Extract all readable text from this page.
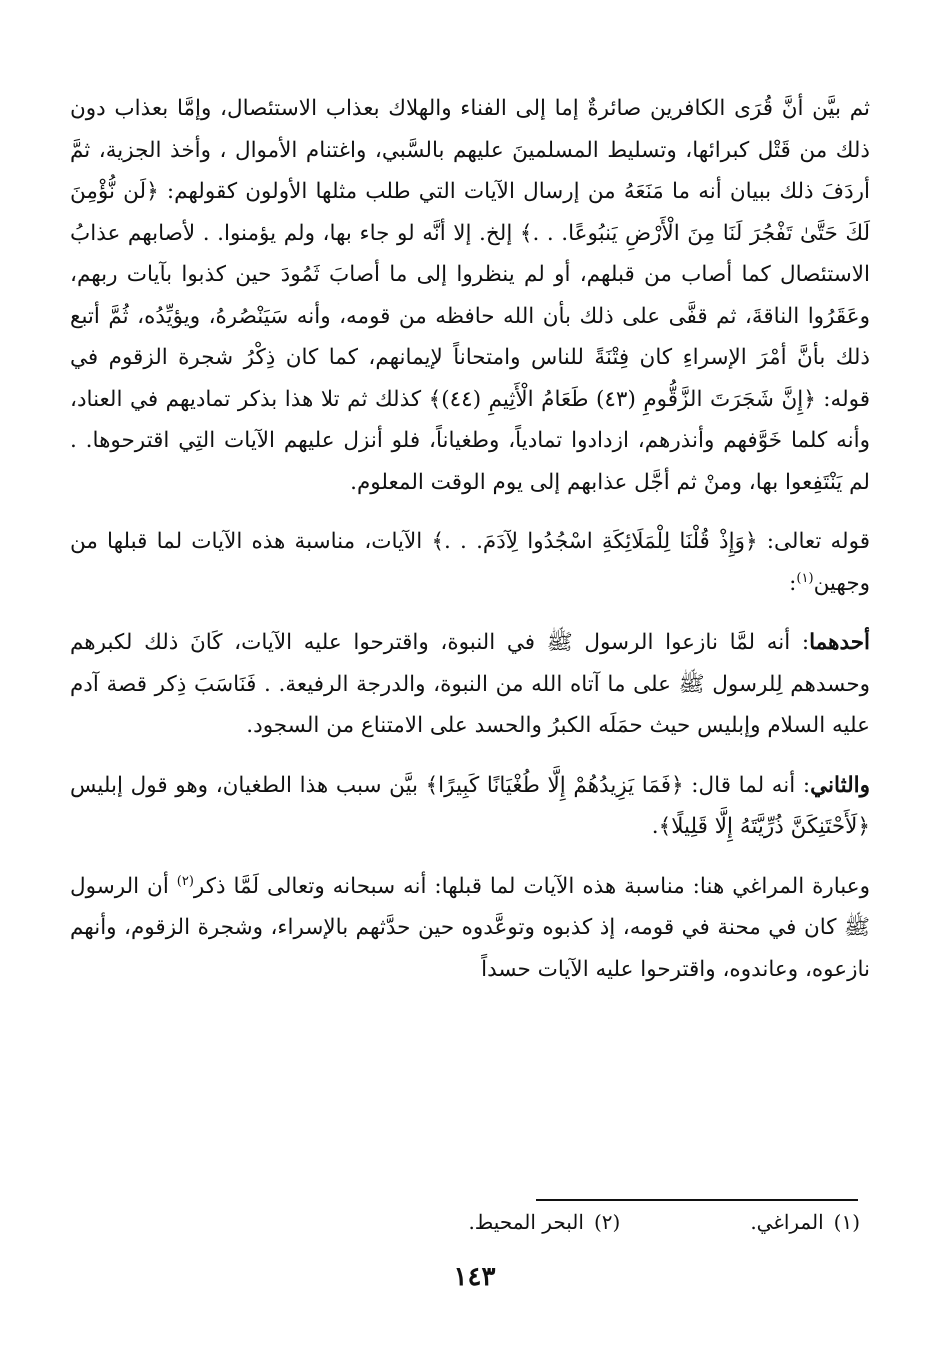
ثم بيَّن أنَّ قُرَى الكافرين صائرةٌ إما إلى الفناء والهلاك بعذاب الاستئصال، وإمَّا بعذاب دون ذلك من قَتْل كبرائها، وتسليط المسلمينَ عليهم بالسَّبي، واغتنام الأموال ، وأخذ الجزية، ثمَّ أردَفَ ذلك ببيان أنه ما مَنَعَهُ من إرسال الآيات التي طلب مثلها الأولون كقولهم: ﴿لَن نُّؤْمِنَ لَكَ حَتَّىٰ تَفْجُرَ لَنَا مِنَ الْأَرْضِ يَنبُوعًا. . .﴾ إلخ. إلا أنَّه لو جاء بها، ولم يؤمنوا. . لأصابهم عذابُ الاستئصال كما أصاب من قبلهم، أو لم ينظروا إلى ما أصابَ ثَمُودَ حين كذبوا بآيات ربهم، وعَقَرُوا الناقةَ، ثم قفَّى على ذلك بأن الله حافظه من قومه، وأنه سَيَنْصُرهُ، ويؤيِّدُه، ثُمَّ أتبع ذلك بأنَّ أمْرَ الإسراءِ كان فِتْنَةً للناس وامتحاناً لإيمانهم، كما كان ذِكْرُ شجرة الزقوم في قوله: ﴿إِنَّ شَجَرَتَ الزَّقُّومِ (٤٣) طَعَامُ الْأَثِيمِ (٤٤)﴾ كذلك ثم تلا هذا بذكر تماديهم في العناد، وأنه كلما خَوَّفهم وأنذرهم، ازدادوا تمادياً، وطغياناً، فلو أنزل عليهم الآيات التِي اقترحوها. . لم يَنْتَفِعوا بها، ومنْ ثم أجَّل عذابهم إلى يوم الوقت المعلوم.

قوله تعالى: ﴿وَإِذْ قُلْنَا لِلْمَلَائِكَةِ اسْجُدُوا لِآدَمَ. . .﴾ الآيات، مناسبة هذه الآيات لما قبلها من وجهين$^{(١)}$:

أحدهما: أنه لمَّا نازعوا الرسول ﷺ في النبوة، واقترحوا عليه الآيات، كَانَ ذلك لكبرهم وحسدهم لِلرسول ﷺ على ما آتاه الله من النبوة، والدرجة الرفيعة. . فَنَاسَبَ ذِكر قصة آدم عليه السلام وإبليس حيث حمَلَه الكبرُ والحسد على الامتناع من السجود.

والثاني: أنه لما قال: ﴿فَمَا يَزِيدُهُمْ إِلَّا طُغْيَانًا كَبِيرًا﴾ بيَّن سبب هذا الطغيان، وهو قول إبليس ﴿لَأَحْتَنِكَنَّ ذُرِّيَّتَهُ إِلَّا قَلِيلًا﴾.

وعبارة المراغي هنا: مناسبة هذه الآيات لما قبلها: أنه سبحانه وتعالى لَمَّا ذكر$^{(٢)}$ أن الرسول ﷺ كان في محنة في قومه، إذ كذبوه وتوعَّدوه حين حدَّثهم بالإسراء، وشجرة الزقوم، وأنهم نازعوه، وعاندوه، واقترحوا عليه الآيات حسداً

(١)المراغي.
(٢)البحر المحيط.
١٤٣
